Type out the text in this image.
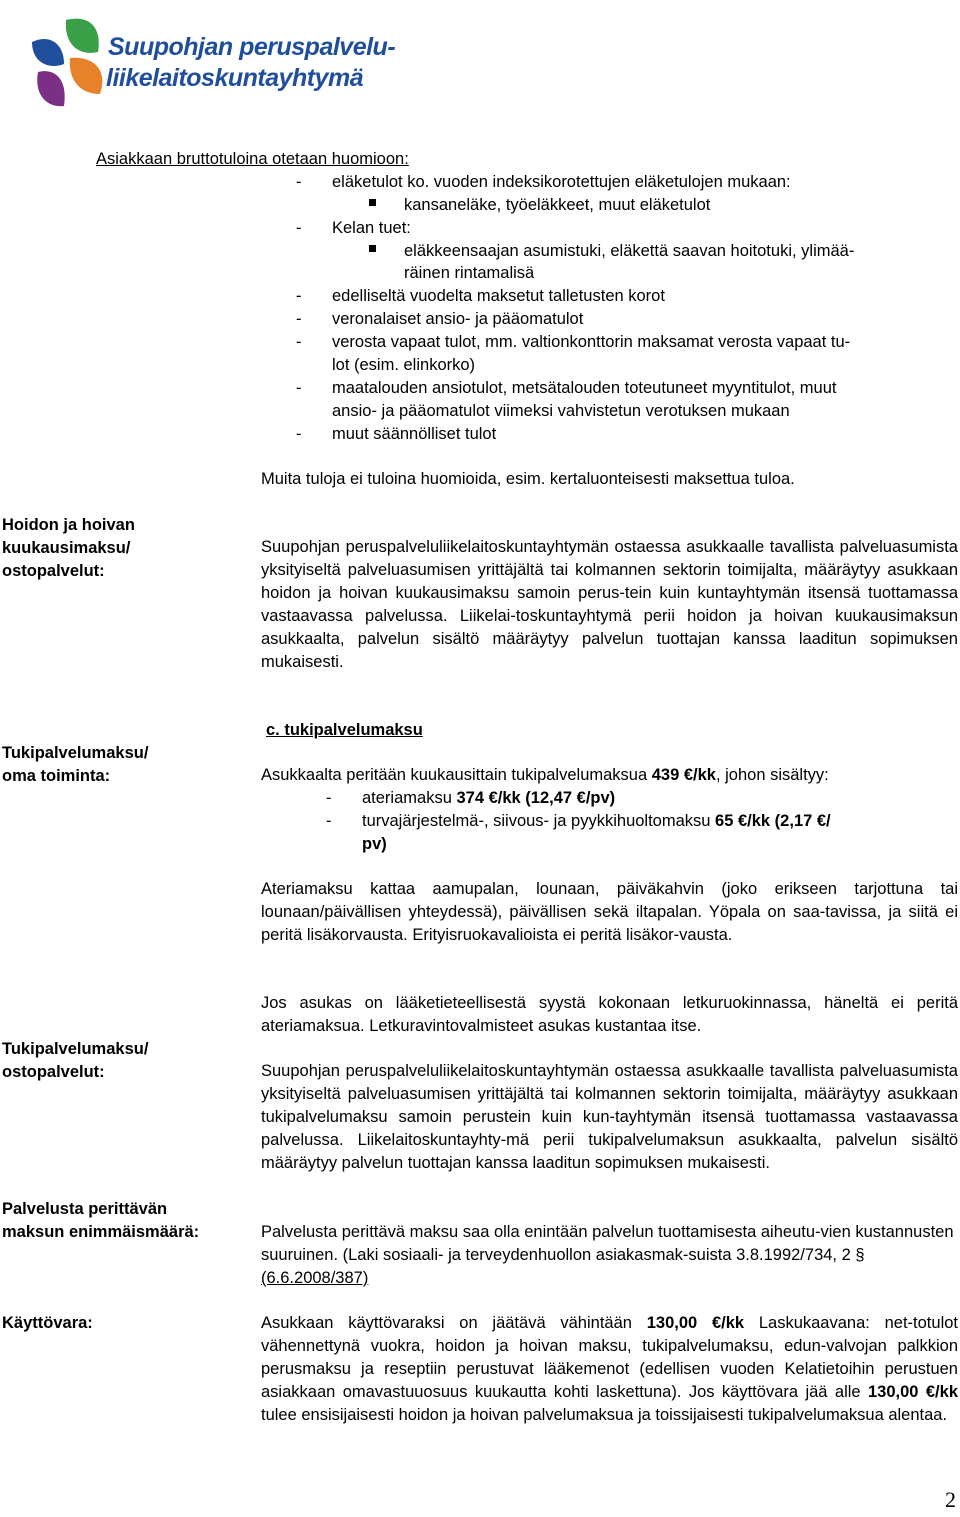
Suupohjan peruspalvelu-
liikelaitoskuntayhtymä
Asiakkaan bruttotuloina otetaan huomioon:
- eläketulot ko. vuoden indeksikorotettujen eläketulojen mukaan:
kansaneläke, työeläkkeet, muut eläketulot
- Kelan tuet:
eläkkeensaajan asumistuki, eläkettä saavan hoitotuki, ylimää-
räinen rintamalisä
- edelliseltä vuodelta maksetut talletusten korot
- veronalaiset ansio- ja pääomatulot
- verosta vapaat tulot, mm. valtionkonttorin maksamat verosta vapaat tu-
lot (esim. elinkorko)
- maatalouden ansiotulot, metsätalouden toteutuneet myyntitulot, muut
ansio- ja pääomatulot viimeksi vahvistetun verotuksen mukaan
- muut säännölliset tulot
Muita tuloja ei tuloina huomioida, esim. kertaluonteisesti maksettua tuloa.
Hoidon ja hoivan
kuukausimaksu/
ostopalvelut:
Suupohjan peruspalveluliikelaitoskuntayhtymän ostaessa asukkaalle tavallista palveluasumista yksityiseltä palveluasumisen yrittäjältä tai kolmannen sektorin toimijalta, määräytyy asukkaan hoidon ja hoivan kuukausimaksu samoin perus-tein kuin kuntayhtymän itsensä tuottamassa vastaavassa palvelussa. Liikelai-toskuntayhtymä perii hoidon ja hoivan kuukausimaksun asukkaalta, palvelun sisältö määräytyy palvelun tuottajan kanssa laaditun sopimuksen mukaisesti.
c. tukipalvelumaksu
Tukipalvelumaksu/
oma toiminta:	Asukkaalta peritään kuukausittain tukipalvelumaksua 439 €/kk, johon sisältyy:
- ateriamaksu 374 €/kk (12,47 €/pv)
- turvajärjestelmä-, siivous- ja pyykkihuoltomaksu 65 €/kk (2,17 €/
pv)
Ateriamaksu kattaa aamupalan, lounaan, päiväkahvin (joko erikseen tarjottuna tai lounaan/päivällisen yhteydessä), päivällisen sekä iltapalan. Yöpala on saa-tavissa, ja siitä ei peritä lisäkorvausta. Erityisruokavalioista ei peritä lisäkor-vausta.
Jos asukas on lääketieteellisestä syystä kokonaan letkuruokinnassa, häneltä ei peritä ateriamaksua. Letkuravintovalmisteet asukas kustantaa itse.
Tukipalvelumaksu/
ostopalvelut:	Suupohjan peruspalveluliikelaitoskuntayhtymän ostaessa asukkaalle tavallista palveluasumista yksityiseltä palveluasumisen yrittäjältä tai kolmannen sektorin toimijalta, määräytyy asukkaan tukipalvelumaksu samoin perustein kuin kun-tayhtymän itsensä tuottamassa vastaavassa palvelussa. Liikelaitoskuntayhty-mä perii tukipalvelumaksun asukkaalta, palvelun sisältö määräytyy palvelun tuottajan kanssa laaditun sopimuksen mukaisesti.
Palvelusta perittävän
maksun enimmäismäärä:	Palvelusta perittävä maksu saa olla enintään palvelun tuottamisesta aiheutu-vien kustannusten suuruinen. (Laki sosiaali- ja terveydenhuollon asiakasmak-suista 3.8.1992/734, 2 § (6.6.2008/387)
Käyttövara:	Asukkaan käyttövaraksi on jäätävä vähintään 130,00 €/kk Laskukaavana: net-totulot vähennettynä vuokra, hoidon ja hoivan maksu, tukipalvelumaksu, edun-valvojan palkkion perusmaksu ja reseptiin perustuvat lääkemenot (edellisen vuoden Kelatietoihin perustuen asiakkaan omavastuuosuus kuukautta kohti laskettuna). Jos käyttövara jää alle 130,00 €/kk tulee ensisijaisesti hoidon ja hoivan palvelumaksua ja toissijaisesti tukipalvelumaksua alentaa.
2
